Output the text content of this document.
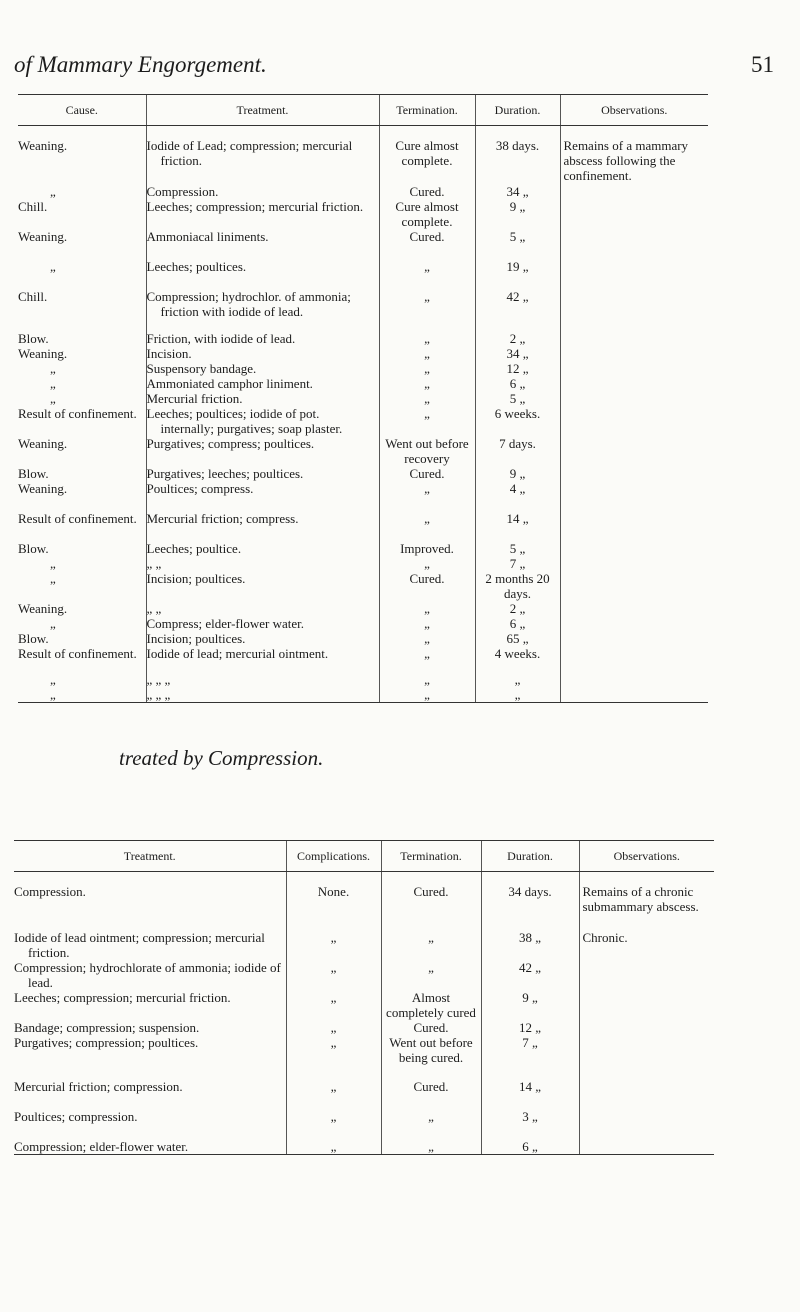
of Mammary Engorgement.	51
Cause.	Treatment.	Termination.	Duration.	Observations.
Weaning.	Iodide of Lead; compression; mercurial friction.	Cure almost complete.	38 days.	Remains of a mammary abscess following the confinement.
„	Compression.	Cured.	34 „	
Chill.	Leeches; compression; mercurial friction.	Cure almost complete.	9 „	
Weaning.	Ammoniacal liniments.	Cured.	5 „	
„	Leeches; poultices.	„	19 „	
Chill.	Compression; hydrochlor. of ammonia; friction with iodide of lead.	„	42 „	
Blow.	Friction, with iodide of lead.	„	2 „	
Weaning.	Incision.	„	34 „	
„	Suspensory bandage.	„	12 „	
„	Ammoniated camphor liniment.	„	6 „	
„	Mercurial friction.	„	5 „	
Result of confinement.	Leeches; poultices; iodide of pot. internally; purgatives; soap plaster.	„	6 weeks.	
Weaning.	Purgatives; compress; poultices.	Went out before recovery	7 days.	
Blow.	Purgatives; leeches; poultices.	Cured.	9 „	
Weaning.	Poultices; compress.	„	4 „	
Result of confinement.	Mercurial friction; compress.	„	14 „	
Blow.	Leeches; poultice.	Improved.	5 „	
„	„ „	„	7 „	
„	Incision; poultices.	Cured.	2 months 20 days.	
Weaning.	„ „	„	2 „	
„	Compress; elder-flower water.	„	6 „	
Blow.	Incision; poultices.	„	65 „	
Result of confinement.	Iodide of lead; mercurial ointment.	„	4 weeks.	
„	„ „ „	„	„	
„	„ „ „	„	„	
treated by Compression.
Treatment.	Complications.	Termination.	Duration.	Observations.
Compression.	None.	Cured.	34 days.	Remains of a chronic submammary abscess.
Iodide of lead ointment; compression; mercurial friction.	„	„	38 „	Chronic.
Compression; hydrochlorate of ammonia; iodide of lead.	„	„	42 „	
Leeches; compression; mercurial friction.	„	Almost completely cured	9 „	
Bandage; compression; suspension.	„	Cured.	12 „	
Purgatives; compression; poultices.	„	Went out before being cured.	7 „	
Mercurial friction; compression.	„	Cured.	14 „	
Poultices; compression.	„	„	3 „	
Compression; elder-flower water.	„	„	6 „	
